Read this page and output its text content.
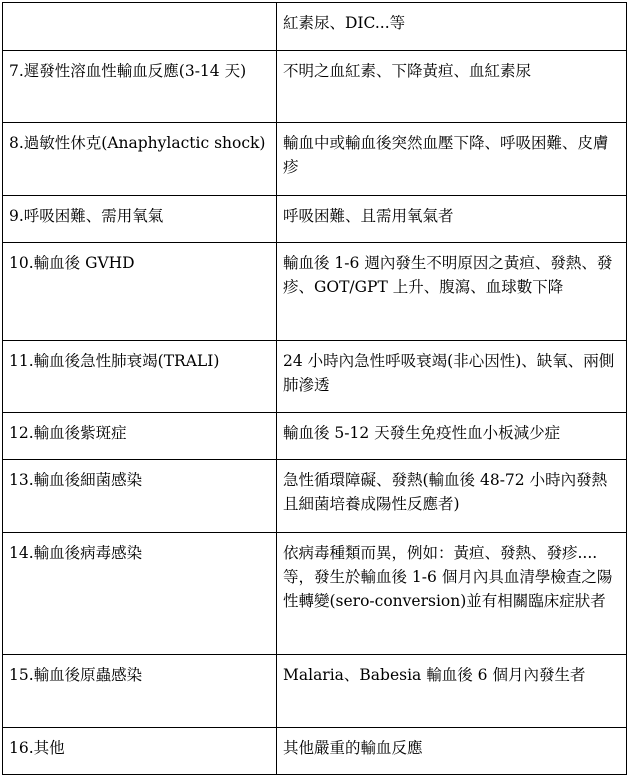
	紅素尿、DIC...等

7.遲發性溶血性輸血反應(3-14 天)	不明之血紅素、下降黃疸、血紅素尿

8.過敏性休克(Anaphylactic shock)	輸血中或輸血後突然血壓下降、呼吸困難、皮膚疹

9.呼吸困難、需用氧氣	呼吸困難、且需用氧氣者

10.輸血後 GVHD	輸血後 1-6 週內發生不明原因之黃疸、發熱、發疹、GOT/GPT 上升、腹瀉、血球數下降

11.輸血後急性肺衰竭(TRALI)	24 小時內急性呼吸衰竭(非心因性)、缺氧、兩側肺滲透

12.輸血後紫斑症	輸血後 5-12 天發生免疫性血小板減少症

13.輸血後細菌感染	急性循環障礙、發熱(輸血後 48-72 小時內發熱且細菌培養成陽性反應者)

14.輸血後病毒感染	依病毒種類而異，例如：黃疸、發熱、發疹....等，發生於輸血後 1-6 個月內具血清學檢查之陽性轉變(sero-conversion)並有相關臨床症狀者

15.輸血後原蟲感染	Malaria、Babesia 輸血後 6 個月內發生者

16.其他	其他嚴重的輸血反應
